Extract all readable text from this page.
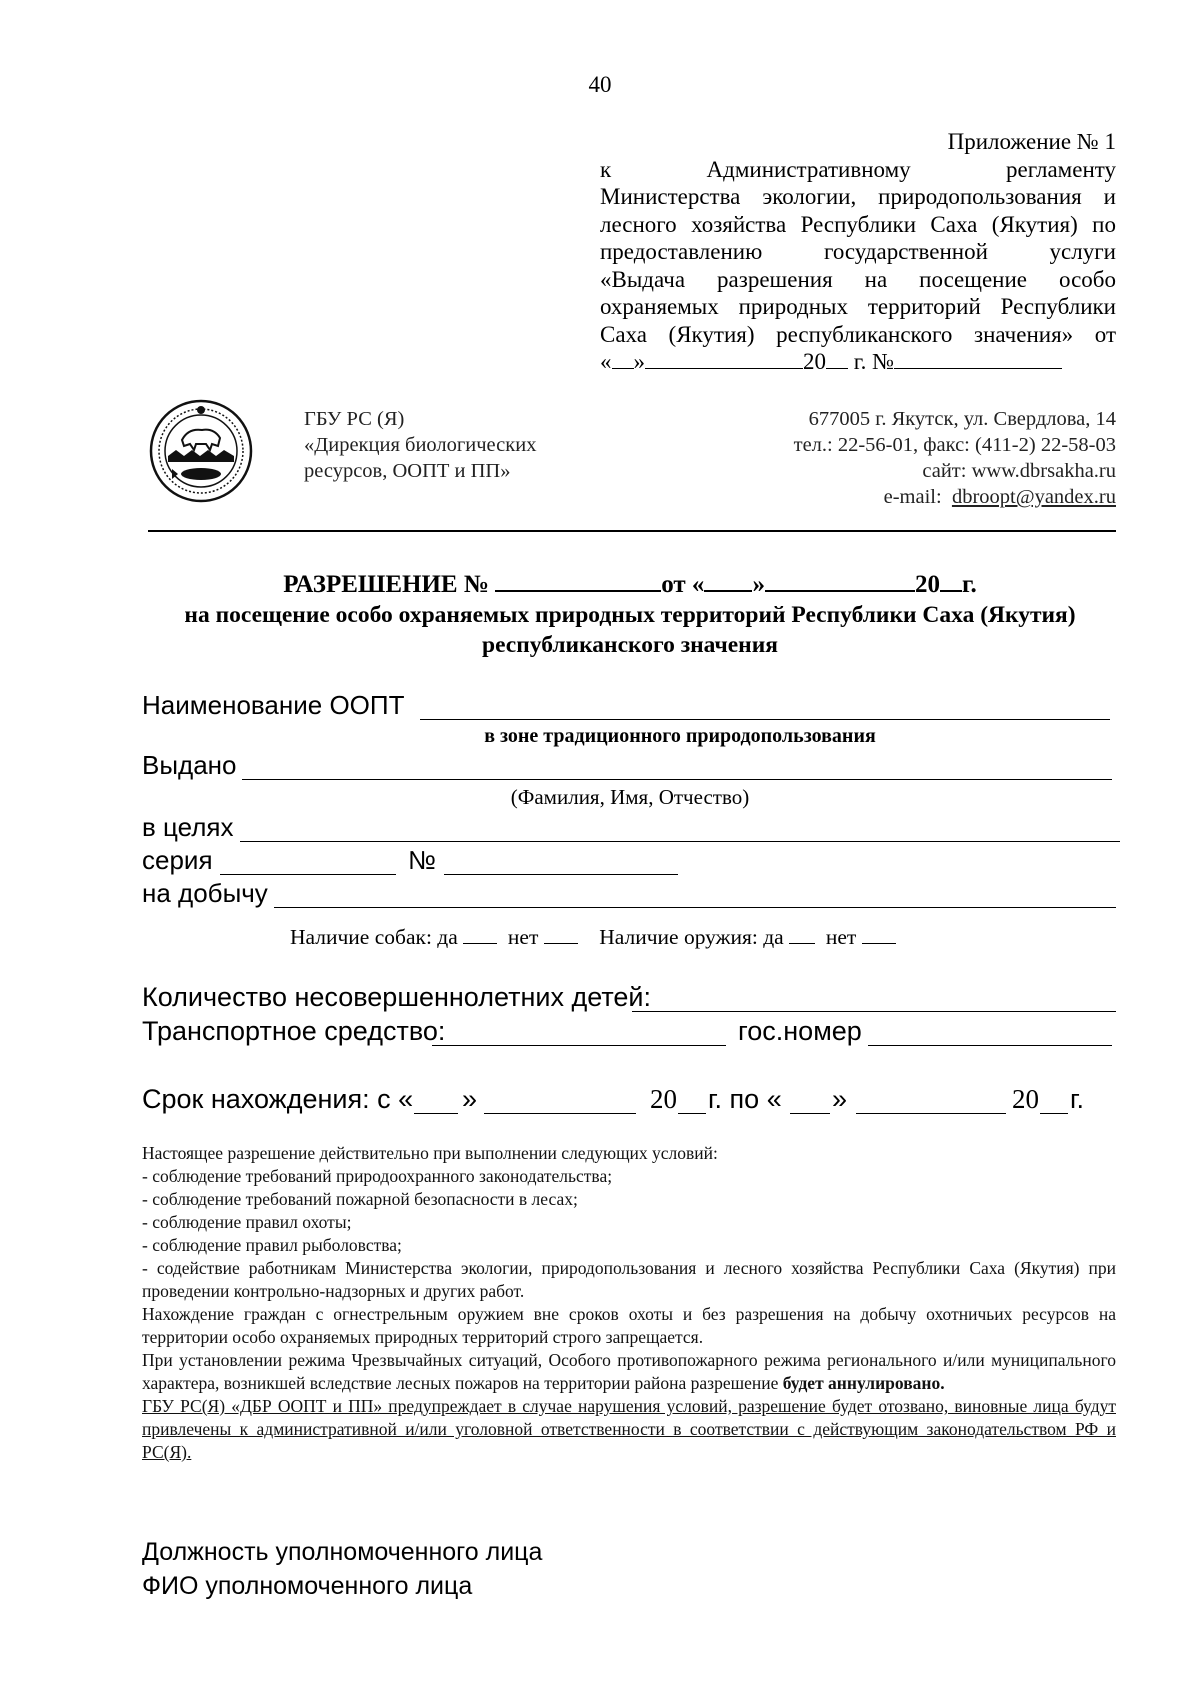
40
Приложение № 1

к Административному регламенту

Министерства экологии, природопользования и

лесного хозяйства Республики Саха (Якутия) по

предоставлению государственной услуги

«Выдача разрешения на посещение особо

охраняемых природных территорий Республики

Саха (Якутия) республиканского значения» от

« »	20 г. №
ГБУ РС (Я)
«Дирекция биологических
ресурсов, ООПТ и ПП»
677005 г. Якутск, ул. Свердлова, 14
тел.: 22-56-01, факс: (411-2) 22-58-03
сайт: www.dbrsakha.ru
e-mail: dbroopt@yandex.ru
РАЗРЕШЕНИЕ №	от « »	20 г.
на посещение особо охраняемых природных территорий Республики Саха (Якутия) республиканского значения
Наименование ООПТ
в зоне традиционного природопользования
Выдано
(Фамилия, Имя, Отчество)
в целях
серия	№
на добычу
Наличие собак: да нет	Наличие оружия: да нет
Количество несовершеннолетних детей:
Транспортное средство:	гос.номер
Срок нахождения: с « »	20 г. по « »	20 г.

Настоящее разрешение действительно при выполнении следующих условий:

- соблюдение требований природоохранного законодательства;

- соблюдение требований пожарной безопасности в лесах;

- соблюдение правил охоты;

- соблюдение правил рыболовства;

- содействие работникам Министерства экологии, природопользования и лесного хозяйства Республики Саха (Якутия) при проведении контрольно-надзорных и других работ.

Нахождение граждан с огнестрельным оружием вне сроков охоты и без разрешения на добычу охотничьих ресурсов на территории особо охраняемых природных территорий строго запрещается.

При установлении режима Чрезвычайных ситуаций, Особого противопожарного режима регионального и/или муниципального характера, возникшей вследствие лесных пожаров на территории района разрешение будет аннулировано.

ГБУ РС(Я) «ДБР ООПТ и ПП» предупреждает в случае нарушения условий, разрешение будет отозвано, виновные лица будут привлечены к административной и/или уголовной ответственности в соответствии с действующим законодательством РФ и РС(Я).

Должность уполномоченного лица
ФИО уполномоченного лица
